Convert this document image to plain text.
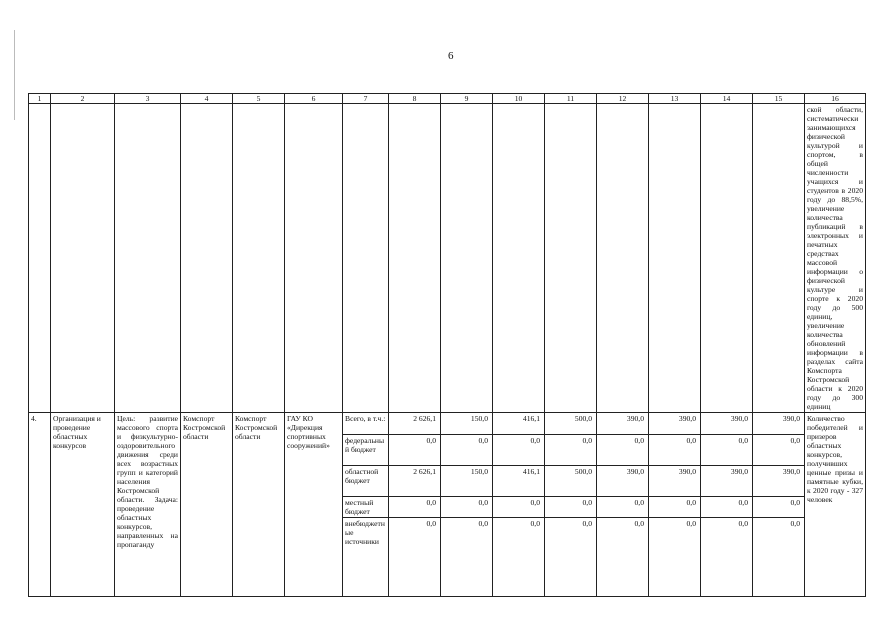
6
1	2	3	4	5	6	7	8	9	10	11	12	13	14	15	16
															ской области, систематически занимающихся физической культурой и спортом, в общей численности учащихся и студентов в 2020 году до 88,5%, увеличение количества публикаций в электронных и печатных средствах массовой информации о физической культуре и спорте к 2020 году до 500 единиц, увеличение количества обновлений информации в разделах сайта Комспорта Костромской области к 2020 году до 300 единиц
4.	Организация и проведение областных конкурсов	Цель: развитие массового спорта и физкультурно-оздоровительного движения среди всех возрастных групп и категорий населения Костромской области. Задача: проведение областных конкурсов, направленных на пропаганду	Комспорт Костромской области	Комспорт Костромской области	ГАУ КО «Дирекция спортивных сооружений»	Всего, в т.ч.:	2 626,1	150,0	416,1	500,0	390,0	390,0	390,0	390,0	Количество победителей и призеров областных конкурсов, получивших ценные призы и памятные кубки, к 2020 году - 327 человек
						федеральный бюджет	0,0	0,0	0,0	0,0	0,0	0,0	0,0	0,0	
						областной бюджет	2 626,1	150,0	416,1	500,0	390,0	390,0	390,0	390,0	
						местный бюджет	0,0	0,0	0,0	0,0	0,0	0,0	0,0	0,0	
						внебюджетные источники	0,0	0,0	0,0	0,0	0,0	0,0	0,0	0,0	
